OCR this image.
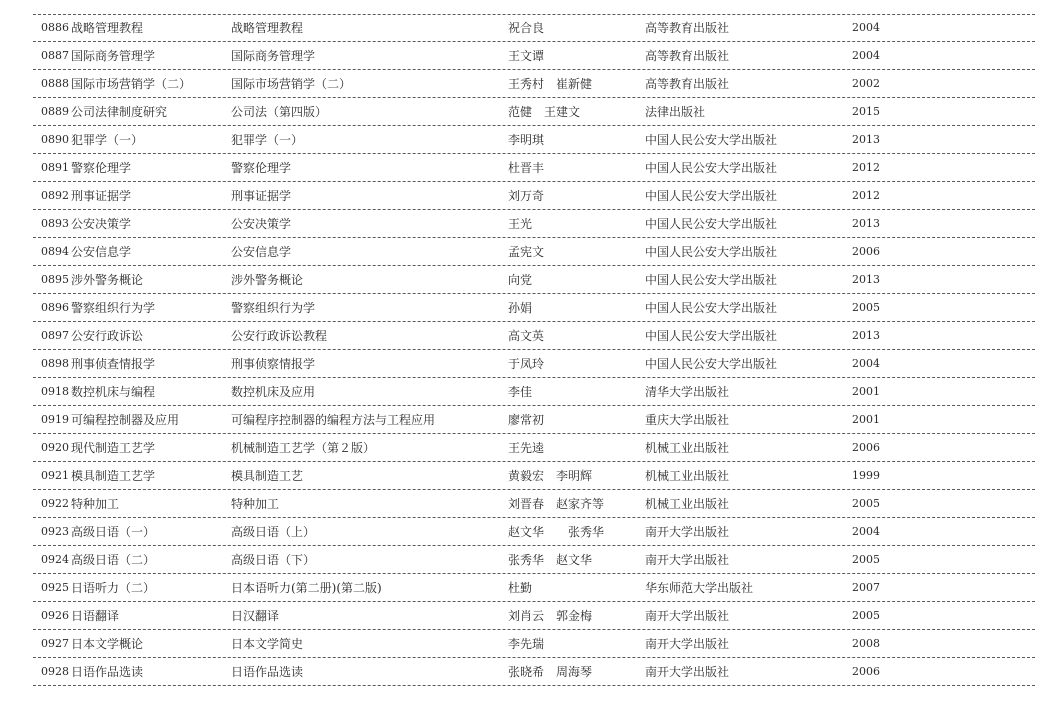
0886 战略管理教程	战略管理教程	祝合良	高等教育出版社	2004
0887 国际商务管理学	国际商务管理学	王文谭	高等教育出版社	2004
0888 国际市场营销学（二）	国际市场营销学（二）	王秀村　崔新健	高等教育出版社	2002
0889 公司法律制度研究	公司法（第四版）	范健　王建文	法律出版社	2015
0890 犯罪学（一）	犯罪学（一）	李明琪	中国人民公安大学出版社	2013
0891 警察伦理学	警察伦理学	杜晋丰	中国人民公安大学出版社	2012
0892 刑事证据学	刑事证据学	刘万奇	中国人民公安大学出版社	2012
0893 公安决策学	公安决策学	王光	中国人民公安大学出版社	2013
0894 公安信息学	公安信息学	孟宪文	中国人民公安大学出版社	2006
0895 涉外警务概论	涉外警务概论	向党	中国人民公安大学出版社	2013
0896 警察组织行为学	警察组织行为学	孙娟	中国人民公安大学出版社	2005
0897 公安行政诉讼	公安行政诉讼教程	高文英	中国人民公安大学出版社	2013
0898 刑事侦查情报学	刑事侦察情报学	于凤玲	中国人民公安大学出版社	2004
0918 数控机床与编程	数控机床及应用	李佳	清华大学出版社	2001
0919 可编程控制器及应用	可编程序控制器的编程方法与工程应用	廖常初	重庆大学出版社	2001
0920 现代制造工艺学	机械制造工艺学（第２版）	王先逵	机械工业出版社	2006
0921 模具制造工艺学	模具制造工艺	黄毅宏　李明辉	机械工业出版社	1999
0922 特种加工	特种加工	刘晋春　赵家齐等	机械工业出版社	2005
0923 高级日语（一）	高级日语（上）	赵文华　　张秀华	南开大学出版社	2004
0924 高级日语（二）	高级日语（下）	张秀华　赵文华	南开大学出版社	2005
0925 日语听力（二）	日本语听力(第二册)(第二版)	杜勤	华东师范大学出版社	2007
0926 日语翻译	日汉翻译	刘肖云　郭金梅	南开大学出版社	2005
0927 日本文学概论	日本文学简史	李先瑞	南开大学出版社	2008
0928 日语作品选读	日语作品选读	张晓希　周海琴	南开大学出版社	2006
